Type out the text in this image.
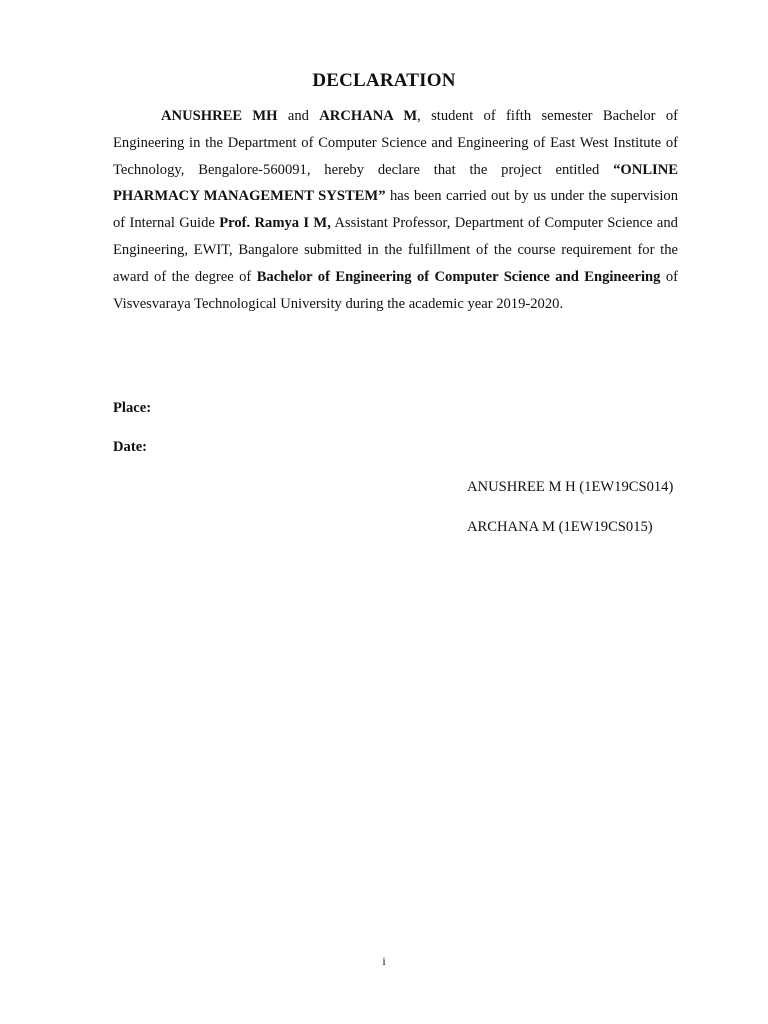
DECLARATION

ANUSHREE MH and ARCHANA M, student of fifth semester Bachelor of Engineering in the Department of Computer Science and Engineering of East West Institute of Technology, Bengalore-560091, hereby declare that the project entitled “ONLINE PHARMACY MANAGEMENT SYSTEM” has been carried out by us under the supervision of Internal Guide Prof. Ramya I M, Assistant Professor, Department of Computer Science and Engineering, EWIT, Bangalore submitted in the fulfillment of the course requirement for the award of the degree of Bachelor of Engineering of Computer Science and Engineering of Visvesvaraya Technological University during the academic year 2019-2020.

Place:
Date:
ANUSHREE M H (1EW19CS014)
ARCHANA M (1EW19CS015)
i
